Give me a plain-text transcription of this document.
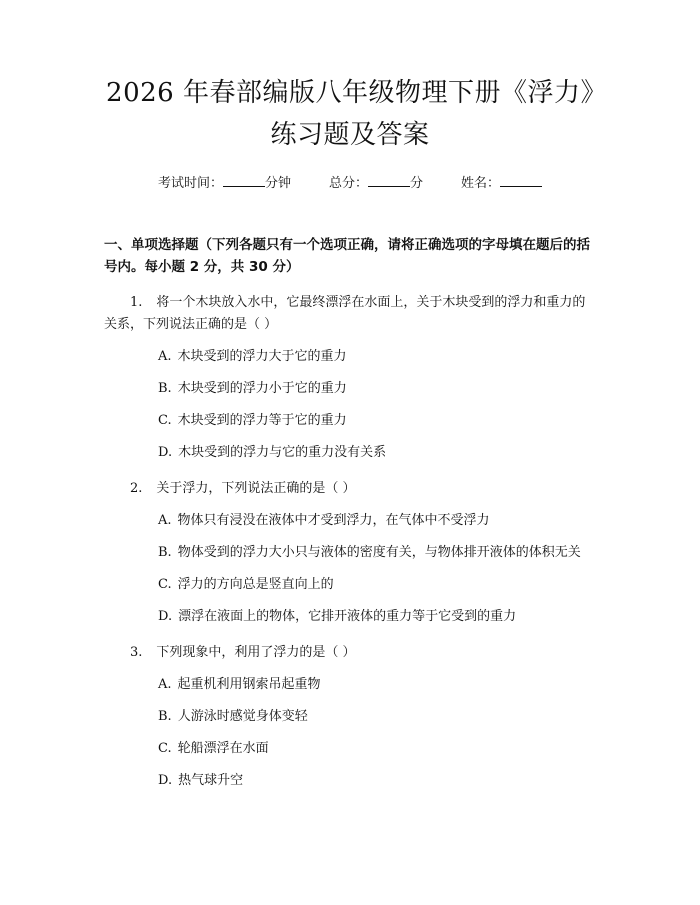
2026 年春部编版八年级物理下册《浮力》练习题及答案
考试时间：	分钟	总分：	分	姓名：
一、单项选择题（下列各题只有一个选项正确，请将正确选项的字母填在题后的括号内。每小题 2 分，共 30 分）
1. 将一个木块放入水中，它最终漂浮在水面上，关于木块受到的浮力和重力的关系，下列说法正确的是（ ）
A. 木块受到的浮力大于它的重力
B. 木块受到的浮力小于它的重力
C. 木块受到的浮力等于它的重力
D. 木块受到的浮力与它的重力没有关系
2. 关于浮力，下列说法正确的是（ ）
A. 物体只有浸没在液体中才受到浮力，在气体中不受浮力
B. 物体受到的浮力大小只与液体的密度有关，与物体排开液体的体积无关
C. 浮力的方向总是竖直向上的
D. 漂浮在液面上的物体，它排开液体的重力等于它受到的重力
3. 下列现象中，利用了浮力的是（ ）
A. 起重机利用钢索吊起重物
B. 人游泳时感觉身体变轻
C. 轮船漂浮在水面
D. 热气球升空
